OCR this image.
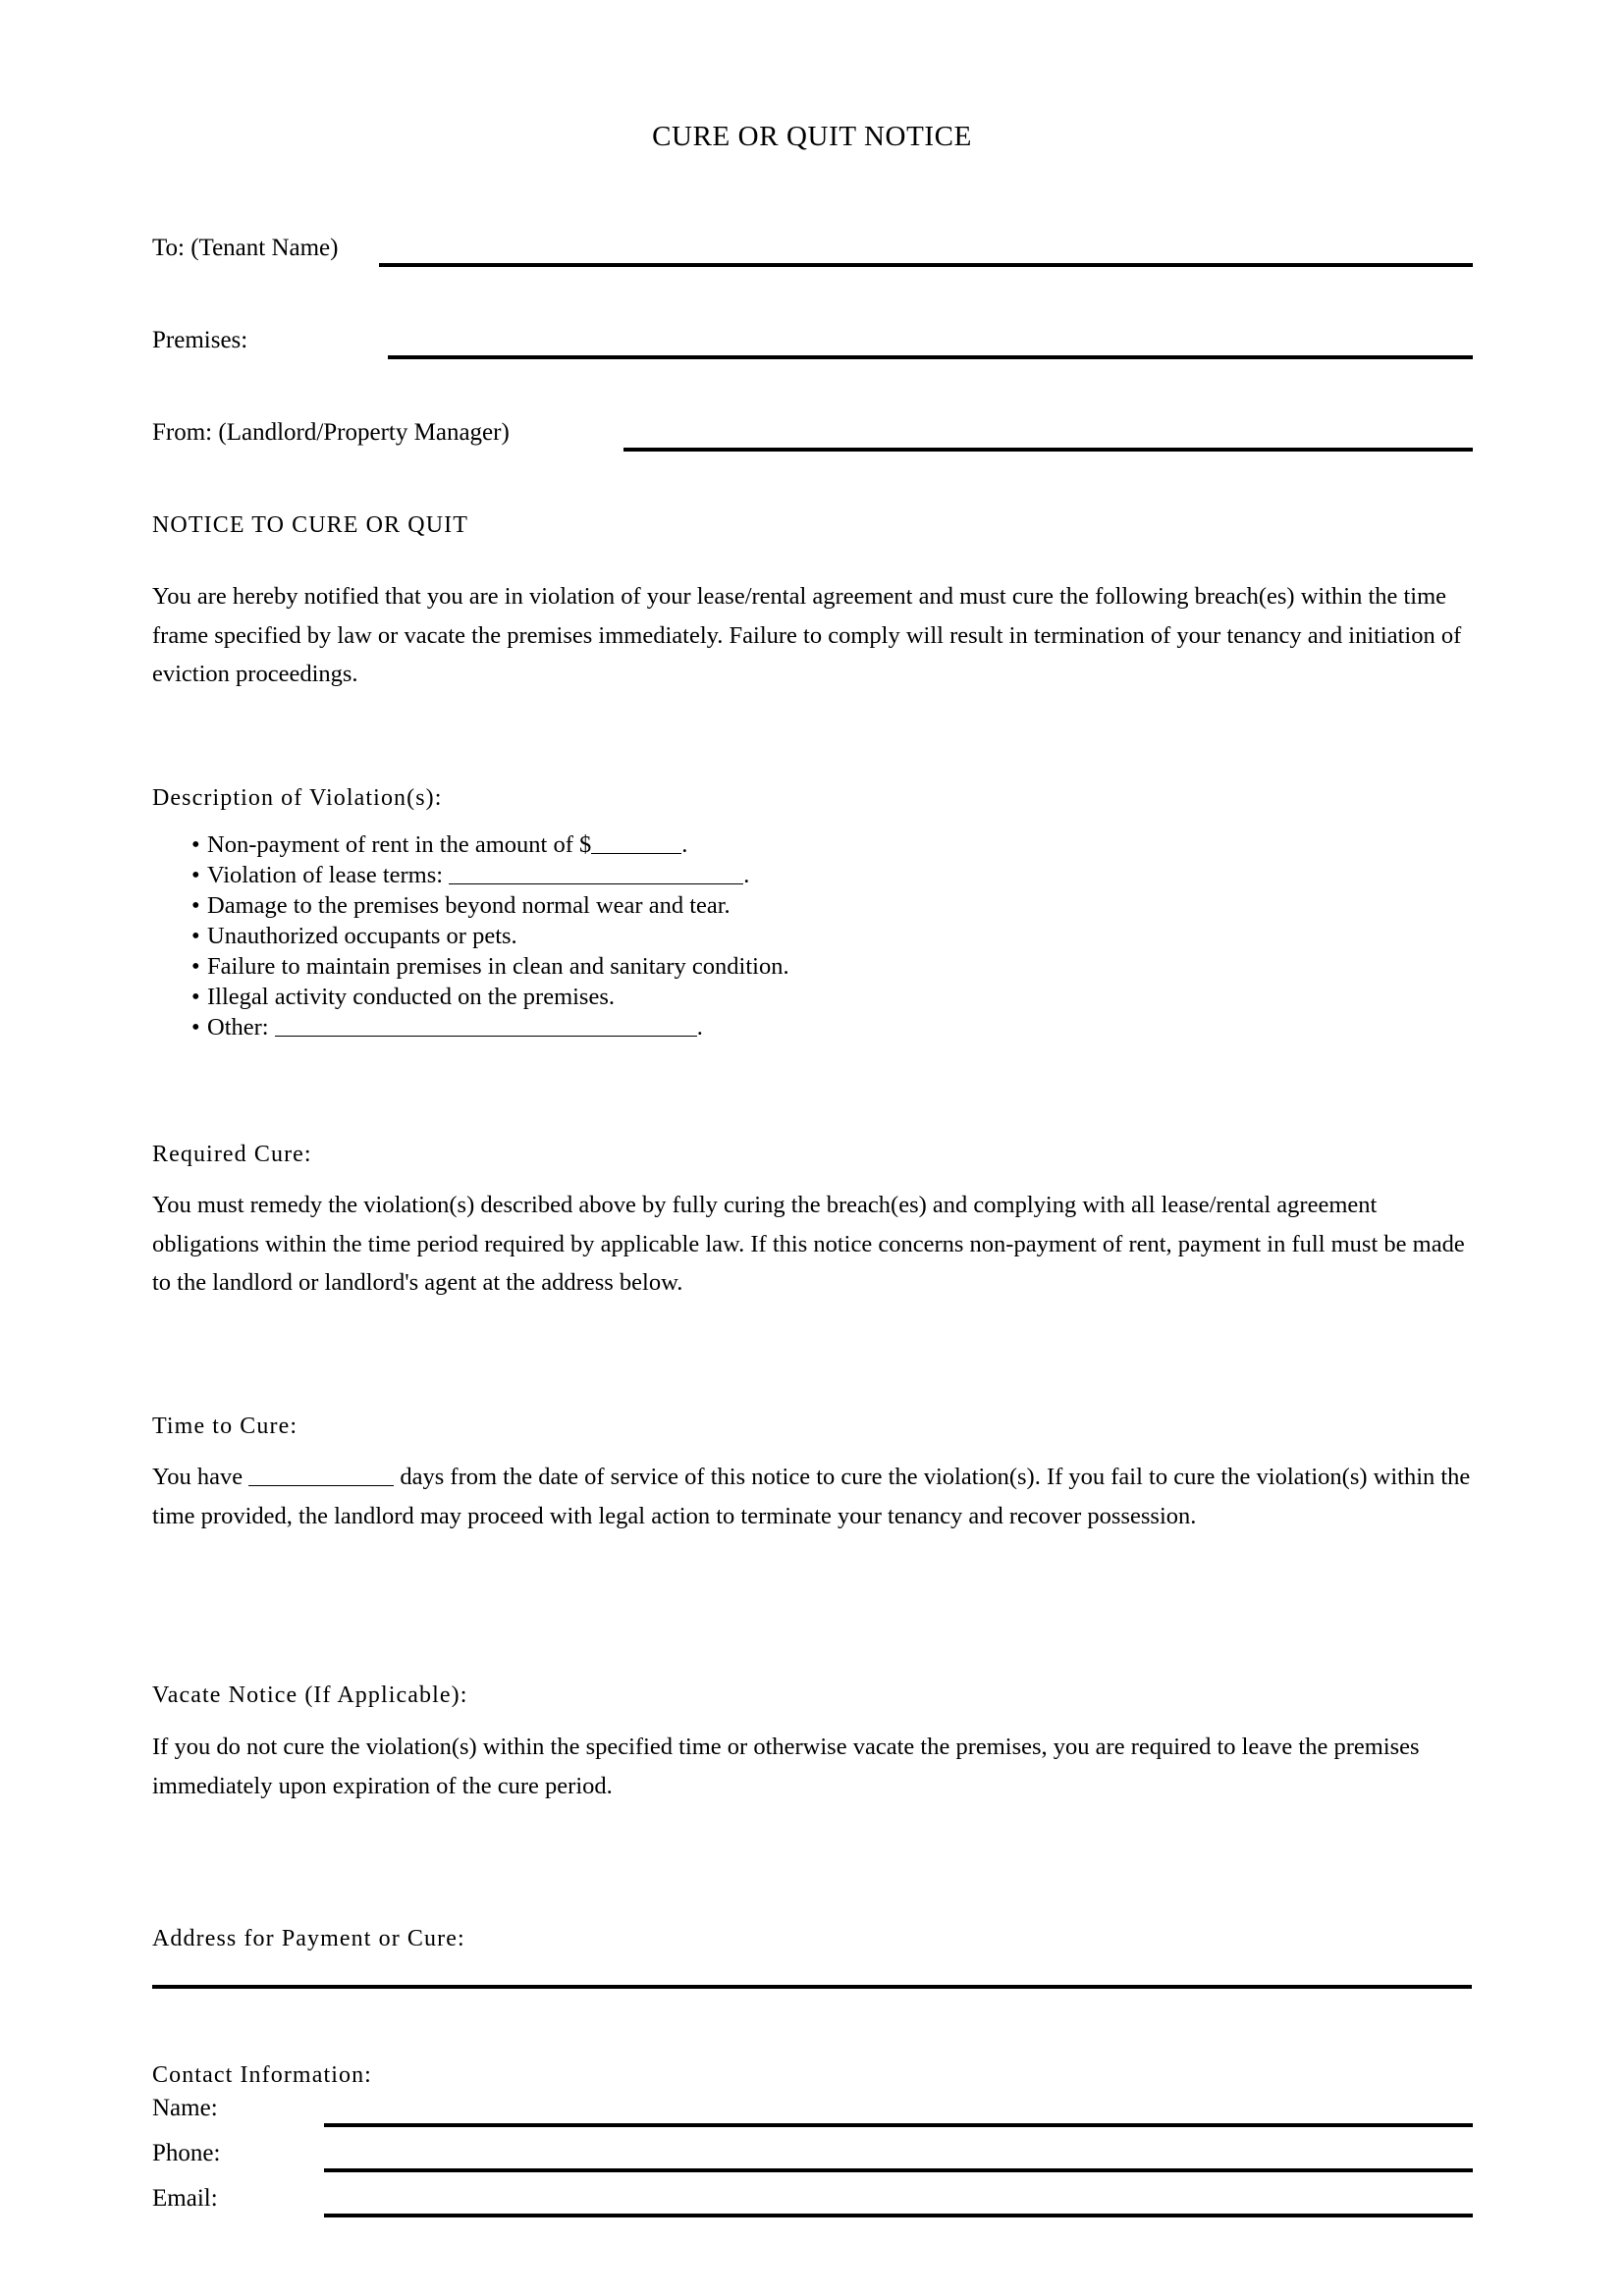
CURE OR QUIT NOTICE
To: (Tenant Name)
Premises:
From: (Landlord/Property Manager)
NOTICE TO CURE OR QUIT
You are hereby notified that you are in violation of your lease/rental agreement and must cure the following breach(es) within the time frame specified by law or vacate the premises immediately. Failure to comply will result in termination of your tenancy and initiation of eviction proceedings.
Description of Violation(s):
• Non-payment of rent in the amount of $	.
• Violation of lease terms:	.
• Damage to the premises beyond normal wear and tear.
• Unauthorized occupants or pets.
• Failure to maintain premises in clean and sanitary condition.
• Illegal activity conducted on the premises.
• Other:	.
Required Cure:
You must remedy the violation(s) described above by fully curing the breach(es) and complying with all lease/rental agreement obligations within the time period required by applicable law. If this notice concerns non-payment of rent, payment in full must be made to the landlord or landlord's agent at the address below.
Time to Cure:
You have	days from the date of service of this notice to cure the violation(s). If you fail to cure the violation(s) within the time provided, the landlord may proceed with legal action to terminate your tenancy and recover possession.
Vacate Notice (If Applicable):
If you do not cure the violation(s) within the specified time or otherwise vacate the premises, you are required to leave the premises immediately upon expiration of the cure period.
Address for Payment or Cure:
Contact Information:
Name:
Phone:
Email:
